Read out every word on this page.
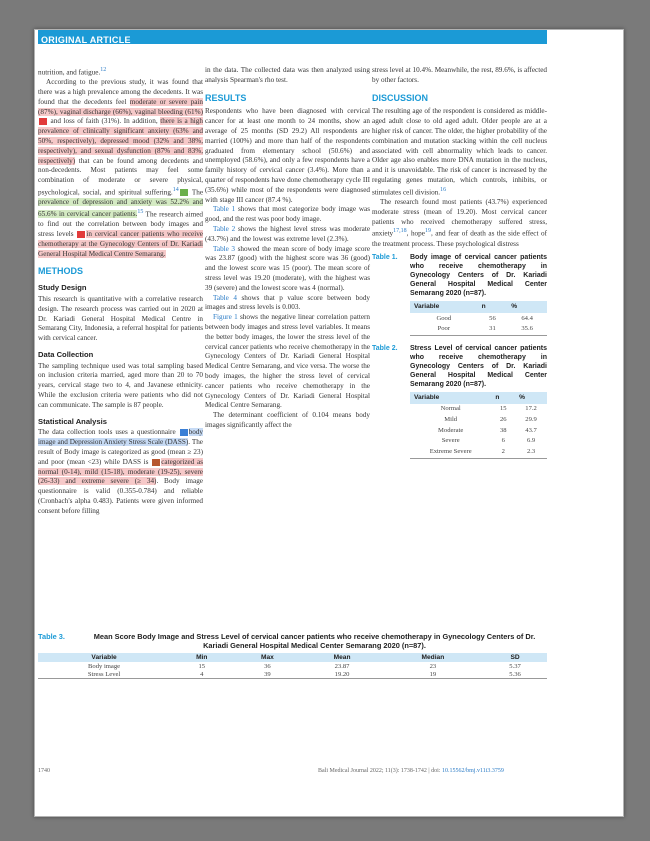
ORIGINAL ARTICLE

nutrition, and fatigue.$^{12}$

According to the previous study, it was found that there was a high prevalence among the decedents. It was found that the decedents feel moderate or severe pain (87%), vaginal discharge (66%), vaginal bleeding (61%) and loss of faith (31%). In addition, there is a high prevalence of clinically significant anxiety (63% and 50%, respectively), depressed mood (32% and 38%, respectively), and sexual dysfunction (87% and 83%, respectively) that can be found among decedents and non-decedents. Most patients may feel some combination of moderate or severe physical, psychological, social, and spiritual suffering.$^{14}$ The prevalence of depression and anxiety was 52.2% and 65.6% in cervical cancer patients.$^{15}$ The research aimed to find out the correlation between body images and stress levels in cervical cancer patients who receive chemotherapy at the Gynecology Centers of Dr. Kariadi General Hospital Medical Centre Semarang.

METHODS
Study Design

This research is quantitative with a correlative research design. The research process was carried out in 2020 at Dr. Kariadi General Hospital Medical Centre in Semarang City, Indonesia, a referral hospital for patients with cervical cancer.

Data Collection

The sampling technique used was total sampling based on inclusion criteria married, aged more than 20 to 70 years, cervical stage two to 4, and Javanese ethnicity. While the exclusion criteria were patients who did not can communicate. The sample is 87 people.

Statistical Analysis

The data collection tools uses a questionnaire body image and Depression Anxiety Stress Scale (DASS). The result of Body image is categorized as good (mean ≥ 23) and poor (mean <23) while DASS is categorized as normal (0-14), mild (15-18), moderate (19-25), severe (26-33) and extreme severe (≥ 34). Body image questionnaire is valid (0.355-0.784) and reliable (Cronbach's alpha 0.483). Patients were given informed consent before filling

in the data. The collected data was then analyzed using analysis Spearman's rho test.

RESULTS

Respondents who have been diagnosed with cervical cancer for at least one month to 24 months, show an average of 25 months (SD 29.2) All respondents are married (100%) and more than half of the respondents graduated from elementary school (50.6%) and unemployed (58.6%), and only a few respondents have a family history of cervical cancer (3.4%). More than a quarter of respondents have done chemotherapy cycle III (35.6%) while most of the respondents were diagnosed with stage III cancer (87.4 %).

Table 1 shows that most categorize body image was good, and the rest was poor body image.

Table 2 shows the highest level stress was moderate (43.7%) and the lowest was extreme level (2.3%).

Table 3 showed the mean score of body image score was 23.87 (good) with the highest score was 36 (good) and the lowest score was 15 (poor). The mean score of stress level was 19.20 (moderate), with the highest was 39 (severe) and the lowest score was 4 (normal).

Table 4 shows that p value score between body images and stress levels is 0.003.

Figure 1 shows the negative linear correlation pattern between body images and stress level variables. It means the better body images, the lower the stress level of the cervical cancer patients who receive chemotherapy in the Gynecology Centers of Dr. Kariadi General Hospital Medical Centre Semarang, and vice versa. The worse the body images, the higher the stress level of cervical cancer patients who receive chemotherapy in the Gynecology Centers of Dr. Kariadi General Hospital Medical Centre Semarang.

The determinant coefficient of 0.104 means body images significantly affect the

stress level at 10.4%. Meanwhile, the rest, 89.6%, is affected by other factors.

DISCUSSION

The resulting age of the respondent is considered as middle-aged adult close to old aged adult. Older people are at a higher risk of cancer. The older, the higher probability of the combination and mutation stacking within the cell nucleus associated with cell abnormality which leads to cancer. Older age also enables more DNA mutation in the nucleus, and it is unavoidable. The risk of cancer is increased by the regulating genes mutation, which controls, inhibits, or stimulates cell division.$^{16}$

The research found most patients (43.7%) experienced moderate stress (mean of 19.20). Most cervical cancer patients who received chemotherapy suffered stress, anxiety$^{17,18}$, hope$^{19}$, and fear of death as the side effect of the treatment process. These psychological distress

Table 1.	Body image of cervical cancer patients who receive chemotherapy in Gynecology Centers of Dr. Kariadi General Hospital Medical Center Semarang 2020 (n=87).
Variable	n	%
Good	56	64.4
Poor	31	35.6
Table 2.	Stress Level of cervical cancer patients who receive chemotherapy in Gynecology Centers of Dr. Kariadi General Hospital Medical Center Semarang 2020 (n=87).
Variable	n	%
Normal	15	17.2
Mild	26	29.9
Moderate	38	43.7
Severe	6	6.9
Extreme Severe	2	2.3
Table 3.	Mean Score Body Image and Stress Level of cervical cancer patients who receive chemotherapy in Gynecology Centers of Dr. Kariadi General Hospital Medical Center Semarang 2020 (n=87).
Variable	Min	Max	Mean	Median	SD
Body image	15	36	23.87	23	5.37
Stress Level	4	39	19.20	19	5.36
1740	Bali Medical Journal 2022; 11(3): 1738-1742 | doi: 10.15562/bmj.v11i3.3759
